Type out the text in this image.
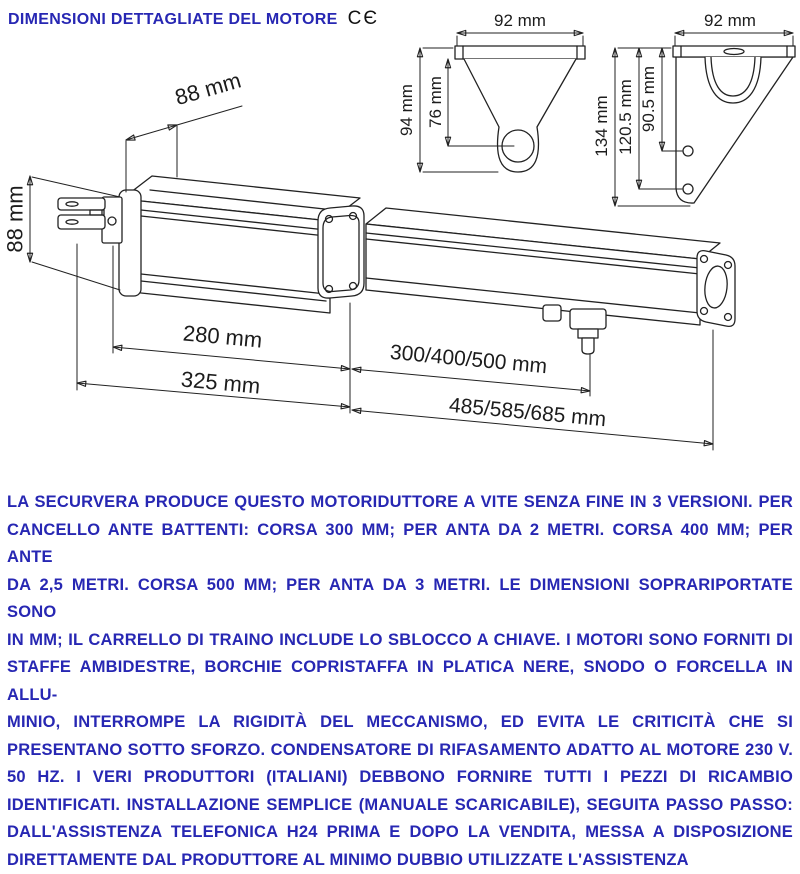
DIMENSIONI DETTAGLIATE DEL MOTORE CЄ
88 mm
88 mm
280 mm
325 mm
300/400/500 mm
485/585/685 mm
92 mm
94 mm 76 mm
92 mm
134 mm 120.5 mm 90.5 mm
LA SECURVERA PRODUCE QUESTO MOTORIDUTTORE A VITE SENZA FINE IN 3 VERSIONI. PER
CANCELLO ANTE BATTENTI: CORSA 300 MM; PER ANTA DA 2 METRI. CORSA 400 MM; PER ANTE
DA 2,5 METRI. CORSA 500 MM; PER ANTA DA 3 METRI. LE DIMENSIONI SOPRARIPORTATE SONO
IN MM; IL CARRELLO DI TRAINO INCLUDE LO SBLOCCO A CHIAVE. I MOTORI SONO FORNITI DI
STAFFE AMBIDESTRE, BORCHIE COPRISTAFFA IN PLATICA NERE, SNODO O FORCELLA IN ALLU-
MINIO, INTERROMPE LA RIGIDITÀ DEL MECCANISMO, ED EVITA LE CRITICITÀ CHE SI
PRESENTANO SOTTO SFORZO. CONDENSATORE DI RIFASAMENTO ADATTO AL MOTORE 230 V.
50 HZ. I VERI PRODUTTORI (ITALIANI) DEBBONO FORNIRE TUTTI I PEZZI DI RICAMBIO
IDENTIFICATI. INSTALLAZIONE SEMPLICE (MANUALE SCARICABILE), SEGUITA PASSO PASSO:
DALL'ASSISTENZA TELEFONICA H24 PRIMA E DOPO LA VENDITA, MESSA A DISPOSIZIONE
DIRETTAMENTE DAL PRODUTTORE AL MINIMO DUBBIO UTILIZZATE L'ASSISTENZA
